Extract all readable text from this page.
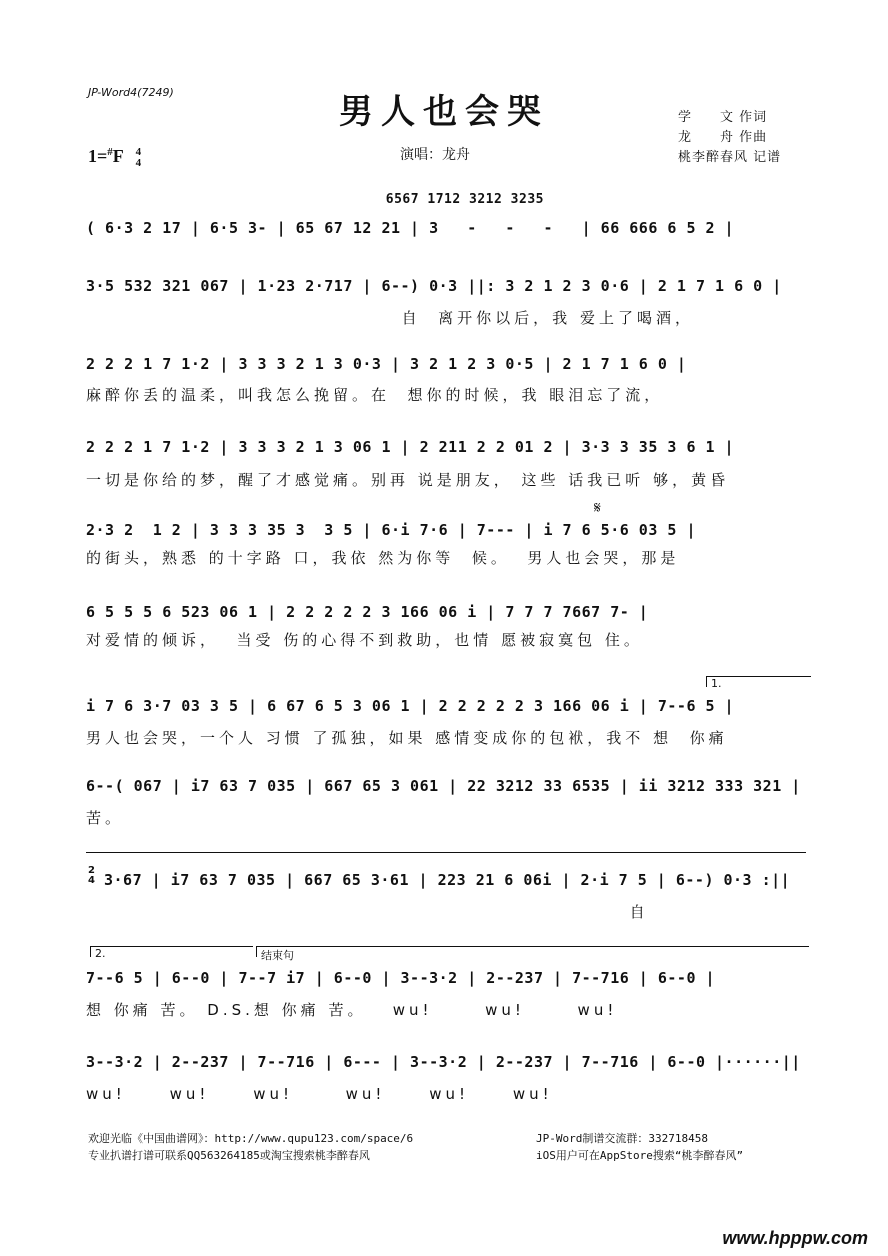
JP-Word4(7249)	男人也会哭
1=#F 4
4	演唱：龙舟
学　　文 作词
龙　　舟 作曲
桃李醉春风 记谱
6567 1712 3212 3235
( 6·3 2 17 | 6·5 3- | 65 67 12 21 | 3   -   -   -   | 66 666 6 5 2 |
3·5 532 321 067 | 1·23 2·717 | 6--) 0·3 ||: 3 2 1 2 3 0·6 | 2 1 7 1 6 0 |
自  离开你以后，我 爱上了喝酒，
2 2 2 1 7 1·2 | 3 3 3 2 1 3 0·3 | 3 2 1 2 3 0·5 | 2 1 7 1 6 0 |
麻醉你丢的温柔，叫我怎么挽留。在  想你的时候，我 眼泪忘了流，
2 2 2 1 7 1·2 | 3 3 3 2 1 3 06 1 | 2 211 2 2 01 2 | 3·3 3 35 3 6 1 |
一切是你给的梦，醒了才感觉痛。别再 说是朋友， 这些 话我已听 够，黄昏
𝄋
2·3 2  1 2 | 3 3 3 35 3  3 5 | 6·i 7·6 | 7--- | i 7 6 5·6 03 5 |
的街头，熟悉 的十字路 口，我依 然为你等  候。  男人也会哭，那是
6 5 5 5 6 523 06 1 | 2 2 2 2 2 3 166 06 i | 7 7 7 7667 7- |
对爱情的倾诉，  当受 伤的心得不到救助，也情 愿被寂寞包 住。
1.
i 7 6 3·7 03 3 5 | 6 67 6 5 3 06 1 | 2 2 2 2 2 3 166 06 i | 7--6 5 |
男人也会哭，一个人 习惯 了孤独，如果 感情变成你的包袱，我不 想  你痛
6--( 067 | i7 63 7 035 | 667 65 3 061 | 22 3212 33 6535 | ii 3212 333 321 |
苦。
2
4 3·67 | i7 63 7 035 | 667 65 3·61 | 223 21 6 06i | 2·i 7 5 | 6--) 0·3 :||
自
2.	结束句
7--6 5 | 6--0 | 7--7 i7 | 6--0 | 3--3·2 | 2--237 | 7--716 | 6--0 |
想 你痛 苦。 D.S.想 你痛 苦。   wu!      wu!      wu!
3--3·2 | 2--237 | 7--716 | 6--- | 3--3·2 | 2--237 | 7--716 | 6--0 |······||
wu!     wu!     wu!      wu!     wu!     wu!
欢迎光临《中国曲谱网》：http://www.qupu123.com/space/6
专业扒谱打谱可联系QQ563264185或淘宝搜索桃李醉春风
JP-Word制谱交流群：332718458
iOS用户可在AppStore搜索“桃李醉春风”
www.hpppw.com
